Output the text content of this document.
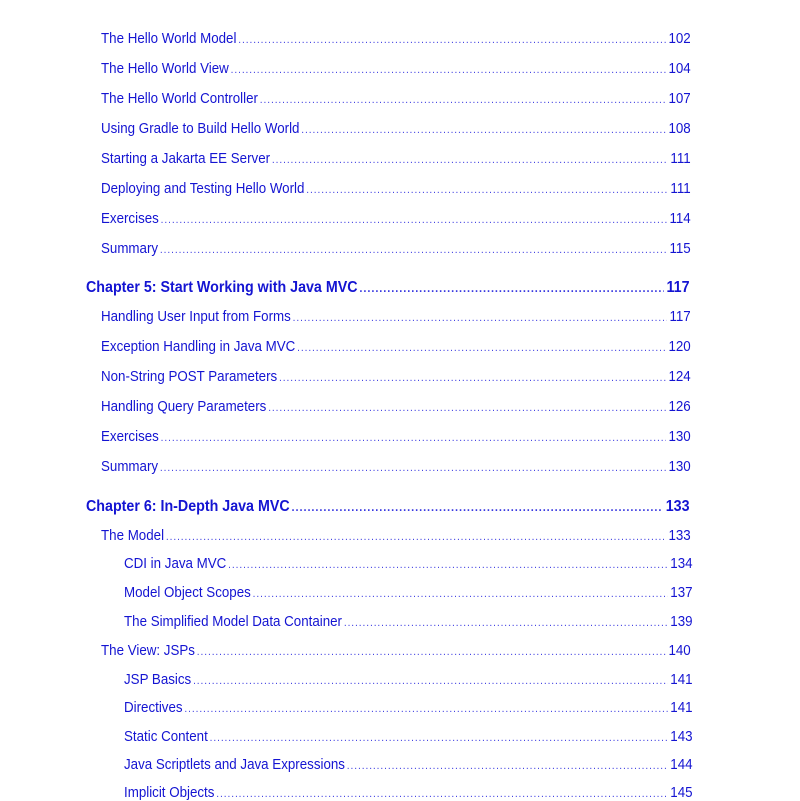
The Hello World Model .....	102
The Hello World View .....	104
The Hello World Controller .....	107
Using Gradle to Build Hello World .....	108
Starting a Jakarta EE Server .....	111
Deploying and Testing Hello World .....	111
Exercises .....	114
Summary .....	115
Chapter 5: Start Working with Java MVC .....	117
Handling User Input from Forms .....	117
Exception Handling in Java MVC .....	120
Non-String POST Parameters .....	124
Handling Query Parameters .....	126
Exercises .....	130
Summary .....	130
Chapter 6: In-Depth Java MVC .....	133
The Model .....	133
CDI in Java MVC .....	134
Model Object Scopes .....	137
The Simplified Model Data Container .....	139
The View: JSPs .....	140
JSP Basics .....	141
Directives .....	141
Static Content .....	143
Java Scriptlets and Java Expressions .....	144
Implicit Objects .....	145
